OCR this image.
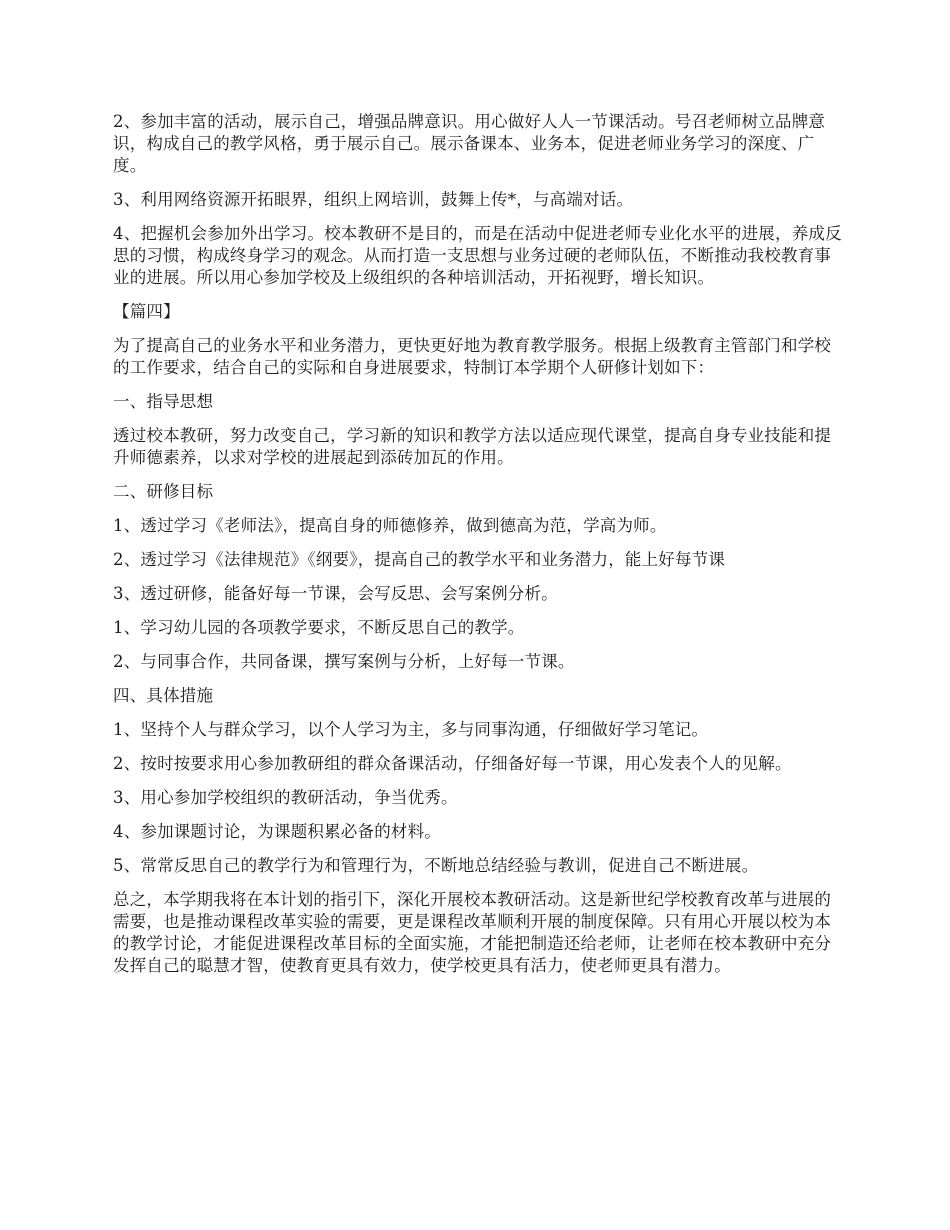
2、参加丰富的活动，展示自己，增强品牌意识。用心做好人人一节课活动。号召老师树立品牌意识，构成自己的教学风格，勇于展示自己。展示备课本、业务本，促进老师业务学习的深度、广度。

3、利用网络资源开拓眼界，组织上网培训，鼓舞上传*，与高端对话。

4、把握机会参加外出学习。校本教研不是目的，而是在活动中促进老师专业化水平的进展，养成反思的习惯，构成终身学习的观念。从而打造一支思想与业务过硬的老师队伍，不断推动我校教育事业的进展。所以用心参加学校及上级组织的各种培训活动，开拓视野，增长知识。

【篇四】

为了提高自己的业务水平和业务潜力，更快更好地为教育教学服务。根据上级教育主管部门和学校的工作要求，结合自己的实际和自身进展要求，特制订本学期个人研修计划如下：

一、指导思想

透过校本教研，努力改变自己，学习新的知识和教学方法以适应现代课堂，提高自身专业技能和提升师德素养，以求对学校的进展起到添砖加瓦的作用。

二、研修目标

1、透过学习《老师法》，提高自身的师德修养，做到德高为范，学高为师。

2、透过学习《法律规范》《纲要》，提高自己的教学水平和业务潜力，能上好每节课

3、透过研修，能备好每一节课，会写反思、会写案例分析。

1、学习幼儿园的各项教学要求，不断反思自己的教学。

2、与同事合作，共同备课，撰写案例与分析，上好每一节课。

四、具体措施

1、坚持个人与群众学习，以个人学习为主，多与同事沟通，仔细做好学习笔记。

2、按时按要求用心参加教研组的群众备课活动，仔细备好每一节课，用心发表个人的见解。

3、用心参加学校组织的教研活动，争当优秀。

4、参加课题讨论，为课题积累必备的材料。

5、常常反思自己的教学行为和管理行为，不断地总结经验与教训，促进自己不断进展。

总之，本学期我将在本计划的指引下，深化开展校本教研活动。这是新世纪学校教育改革与进展的需要，也是推动课程改革实验的需要，更是课程改革顺利开展的制度保障。只有用心开展以校为本的教学讨论，才能促进课程改革目标的全面实施，才能把制造还给老师，让老师在校本教研中充分发挥自己的聪慧才智，使教育更具有效力，使学校更具有活力，使老师更具有潜力。
